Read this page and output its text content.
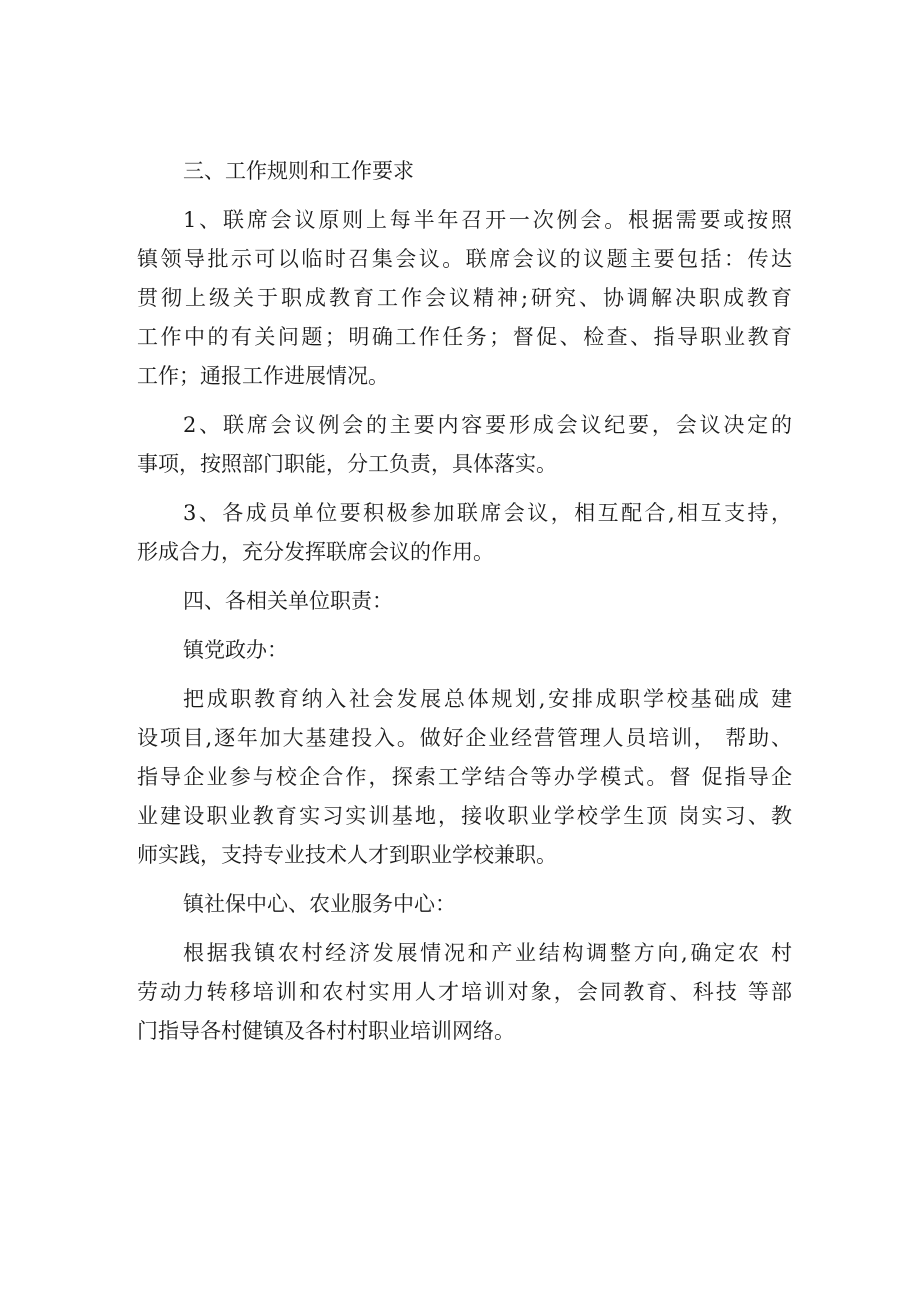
三、工作规则和工作要求
1、联席会议原则上每半年召开一次例会。根据需要或按照
镇领导批示可以临时召集会议。联席会议的议题主要包括：传达
贯彻上级关于职成教育工作会议精神;研究、协调解决职成教育
工作中的有关问题；明确工作任务；督促、检查、指导职业教育
工作；通报工作进展情况。
2、联席会议例会的主要内容要形成会议纪要，会议决定的
事项，按照部门职能，分工负责，具体落实。
3、各成员单位要积极参加联席会议，相互配合,相互支持，
形成合力，充分发挥联席会议的作用。
四、各相关单位职责：
镇党政办：
把成职教育纳入社会发展总体规划,安排成职学校基础成 建
设项目,逐年加大基建投入。做好企业经营管理人员培训， 帮助、
指导企业参与校企合作，探索工学结合等办学模式。督 促指导企
业建设职业教育实习实训基地，接收职业学校学生顶 岗实习、教
师实践，支持专业技术人才到职业学校兼职。
镇社保中心、农业服务中心：
根据我镇农村经济发展情况和产业结构调整方向,确定农 村
劳动力转移培训和农村实用人才培训对象，会同教育、科技 等部
门指导各村健镇及各村村职业培训网络。
